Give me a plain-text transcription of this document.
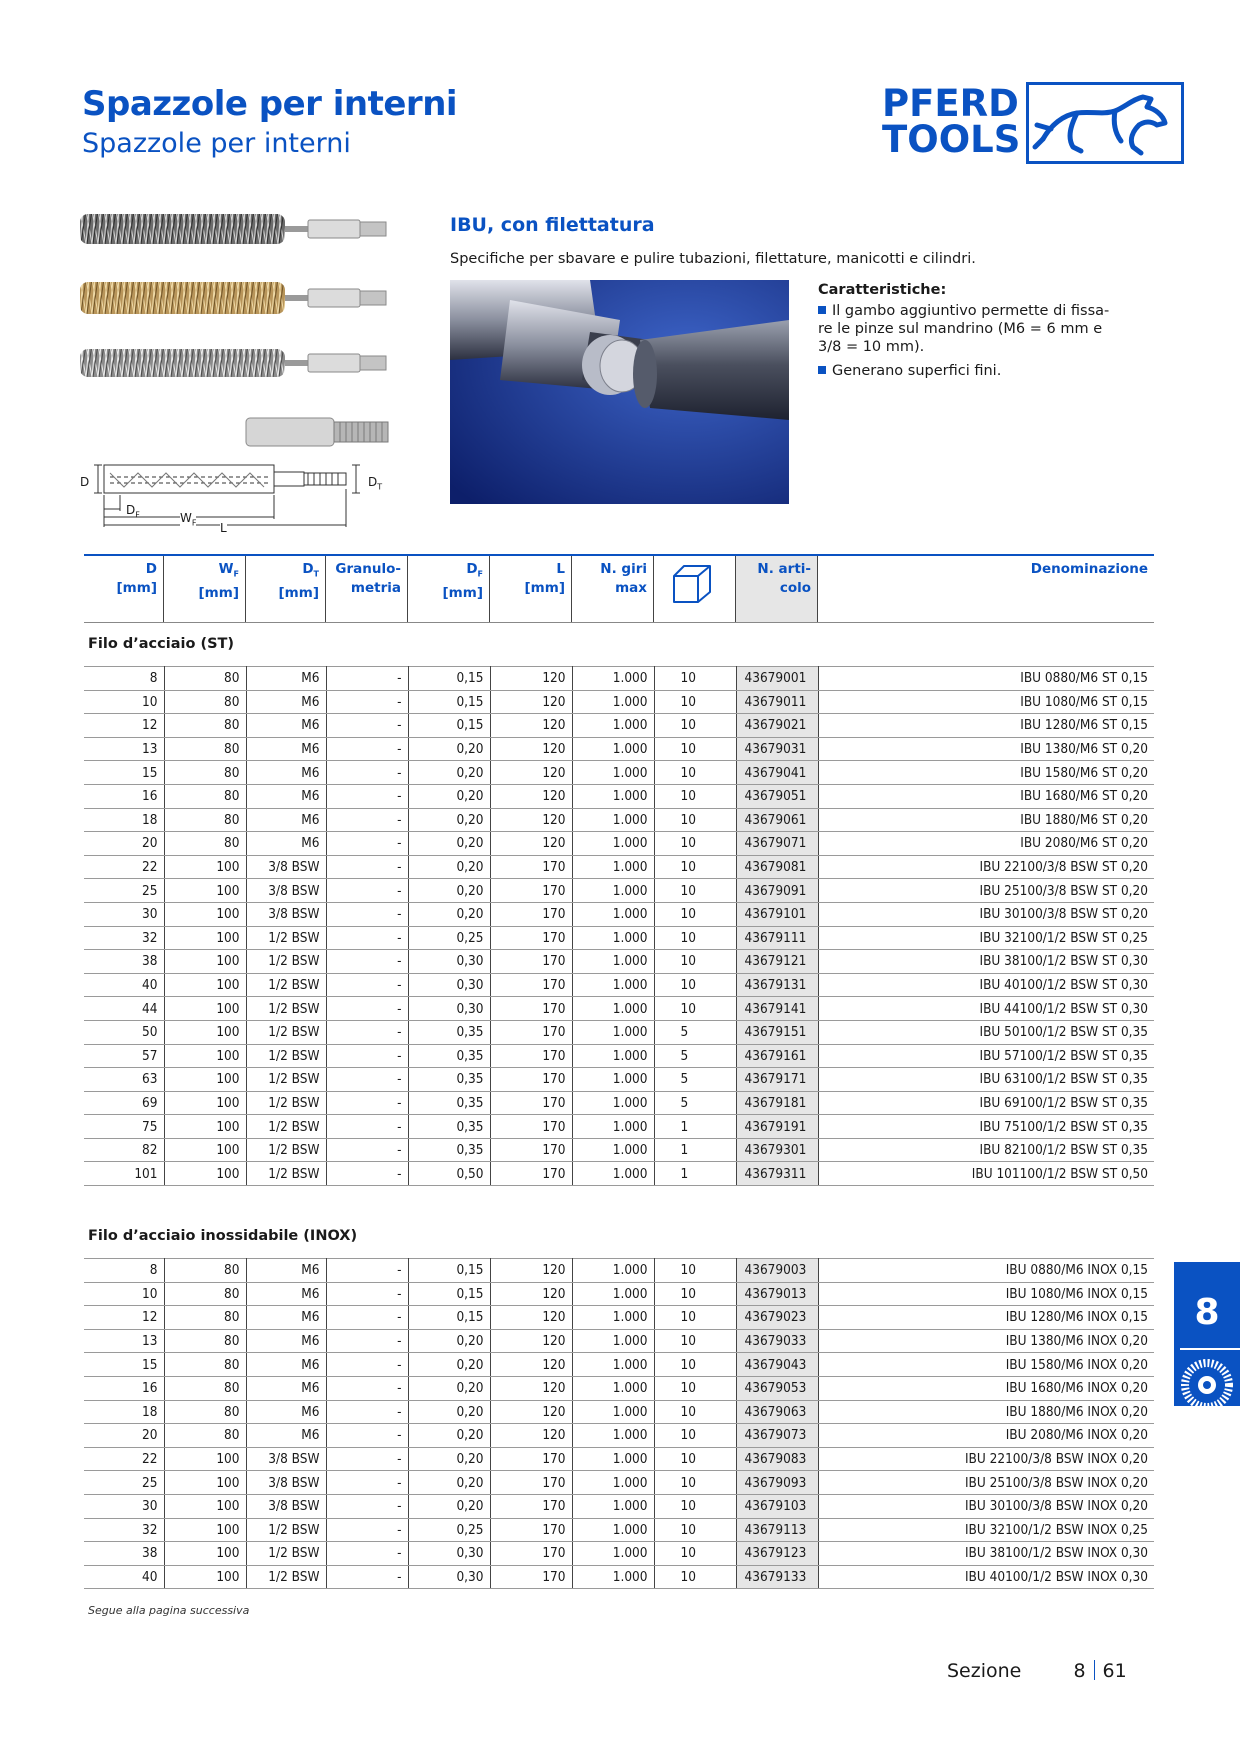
Spazzole per interni
Spazzole per interni
PFERD
TOOLS
D	$D_T$
$D_F$	$W_F$ L
IBU, con filettatura
Specifiche per sbavare e pulire tubazioni, filettature, manicotti e cilindri.
Caratteristiche:
Il gambo aggiuntivo permette di fissa- re le pinze sul mandrino (M6 = 6 mm e 3/8 = 10 mm).
Generano superfici fini.
D
[mm]
$W_F$
[mm]
$D_T$
[mm]
Granulo-
metria
$D_F$
[mm]
L
[mm]
N. giri
max
N. arti-
colo
Denominazione
Filo d’acciaio (ST)
8	80	M6	-	0,15	120	1.000	10	43679001	IBU 0880/M6 ST 0,15
10	80	M6	-	0,15	120	1.000	10	43679011	IBU 1080/M6 ST 0,15
12	80	M6	-	0,15	120	1.000	10	43679021	IBU 1280/M6 ST 0,15
13	80	M6	-	0,20	120	1.000	10	43679031	IBU 1380/M6 ST 0,20
15	80	M6	-	0,20	120	1.000	10	43679041	IBU 1580/M6 ST 0,20
16	80	M6	-	0,20	120	1.000	10	43679051	IBU 1680/M6 ST 0,20
18	80	M6	-	0,20	120	1.000	10	43679061	IBU 1880/M6 ST 0,20
20	80	M6	-	0,20	120	1.000	10	43679071	IBU 2080/M6 ST 0,20
22	100	3/8 BSW	-	0,20	170	1.000	10	43679081	IBU 22100/3/8 BSW ST 0,20
25	100	3/8 BSW	-	0,20	170	1.000	10	43679091	IBU 25100/3/8 BSW ST 0,20
30	100	3/8 BSW	-	0,20	170	1.000	10	43679101	IBU 30100/3/8 BSW ST 0,20
32	100	1/2 BSW	-	0,25	170	1.000	10	43679111	IBU 32100/1/2 BSW ST 0,25
38	100	1/2 BSW	-	0,30	170	1.000	10	43679121	IBU 38100/1/2 BSW ST 0,30
40	100	1/2 BSW	-	0,30	170	1.000	10	43679131	IBU 40100/1/2 BSW ST 0,30
44	100	1/2 BSW	-	0,30	170	1.000	10	43679141	IBU 44100/1/2 BSW ST 0,30
50	100	1/2 BSW	-	0,35	170	1.000	5	43679151	IBU 50100/1/2 BSW ST 0,35
57	100	1/2 BSW	-	0,35	170	1.000	5	43679161	IBU 57100/1/2 BSW ST 0,35
63	100	1/2 BSW	-	0,35	170	1.000	5	43679171	IBU 63100/1/2 BSW ST 0,35
69	100	1/2 BSW	-	0,35	170	1.000	5	43679181	IBU 69100/1/2 BSW ST 0,35
75	100	1/2 BSW	-	0,35	170	1.000	1	43679191	IBU 75100/1/2 BSW ST 0,35
82	100	1/2 BSW	-	0,35	170	1.000	1	43679301	IBU 82100/1/2 BSW ST 0,35
101	100	1/2 BSW	-	0,50	170	1.000	1	43679311	IBU 101100/1/2 BSW ST 0,50
Filo d’acciaio inossidabile (INOX)
8	80	M6	-	0,15	120	1.000	10	43679003	IBU 0880/M6 INOX 0,15
10	80	M6	-	0,15	120	1.000	10	43679013	IBU 1080/M6 INOX 0,15
12	80	M6	-	0,15	120	1.000	10	43679023	IBU 1280/M6 INOX 0,15
13	80	M6	-	0,20	120	1.000	10	43679033	IBU 1380/M6 INOX 0,20
15	80	M6	-	0,20	120	1.000	10	43679043	IBU 1580/M6 INOX 0,20
16	80	M6	-	0,20	120	1.000	10	43679053	IBU 1680/M6 INOX 0,20
18	80	M6	-	0,20	120	1.000	10	43679063	IBU 1880/M6 INOX 0,20
20	80	M6	-	0,20	120	1.000	10	43679073	IBU 2080/M6 INOX 0,20
22	100	3/8 BSW	-	0,20	170	1.000	10	43679083	IBU 22100/3/8 BSW INOX 0,20
25	100	3/8 BSW	-	0,20	170	1.000	10	43679093	IBU 25100/3/8 BSW INOX 0,20
30	100	3/8 BSW	-	0,20	170	1.000	10	43679103	IBU 30100/3/8 BSW INOX 0,20
32	100	1/2 BSW	-	0,25	170	1.000	10	43679113	IBU 32100/1/2 BSW INOX 0,25
38	100	1/2 BSW	-	0,30	170	1.000	10	43679123	IBU 38100/1/2 BSW INOX 0,30
40	100	1/2 BSW	-	0,30	170	1.000	10	43679133	IBU 40100/1/2 BSW INOX 0,30
Segue alla pagina successiva
Sezione	8 61
8
